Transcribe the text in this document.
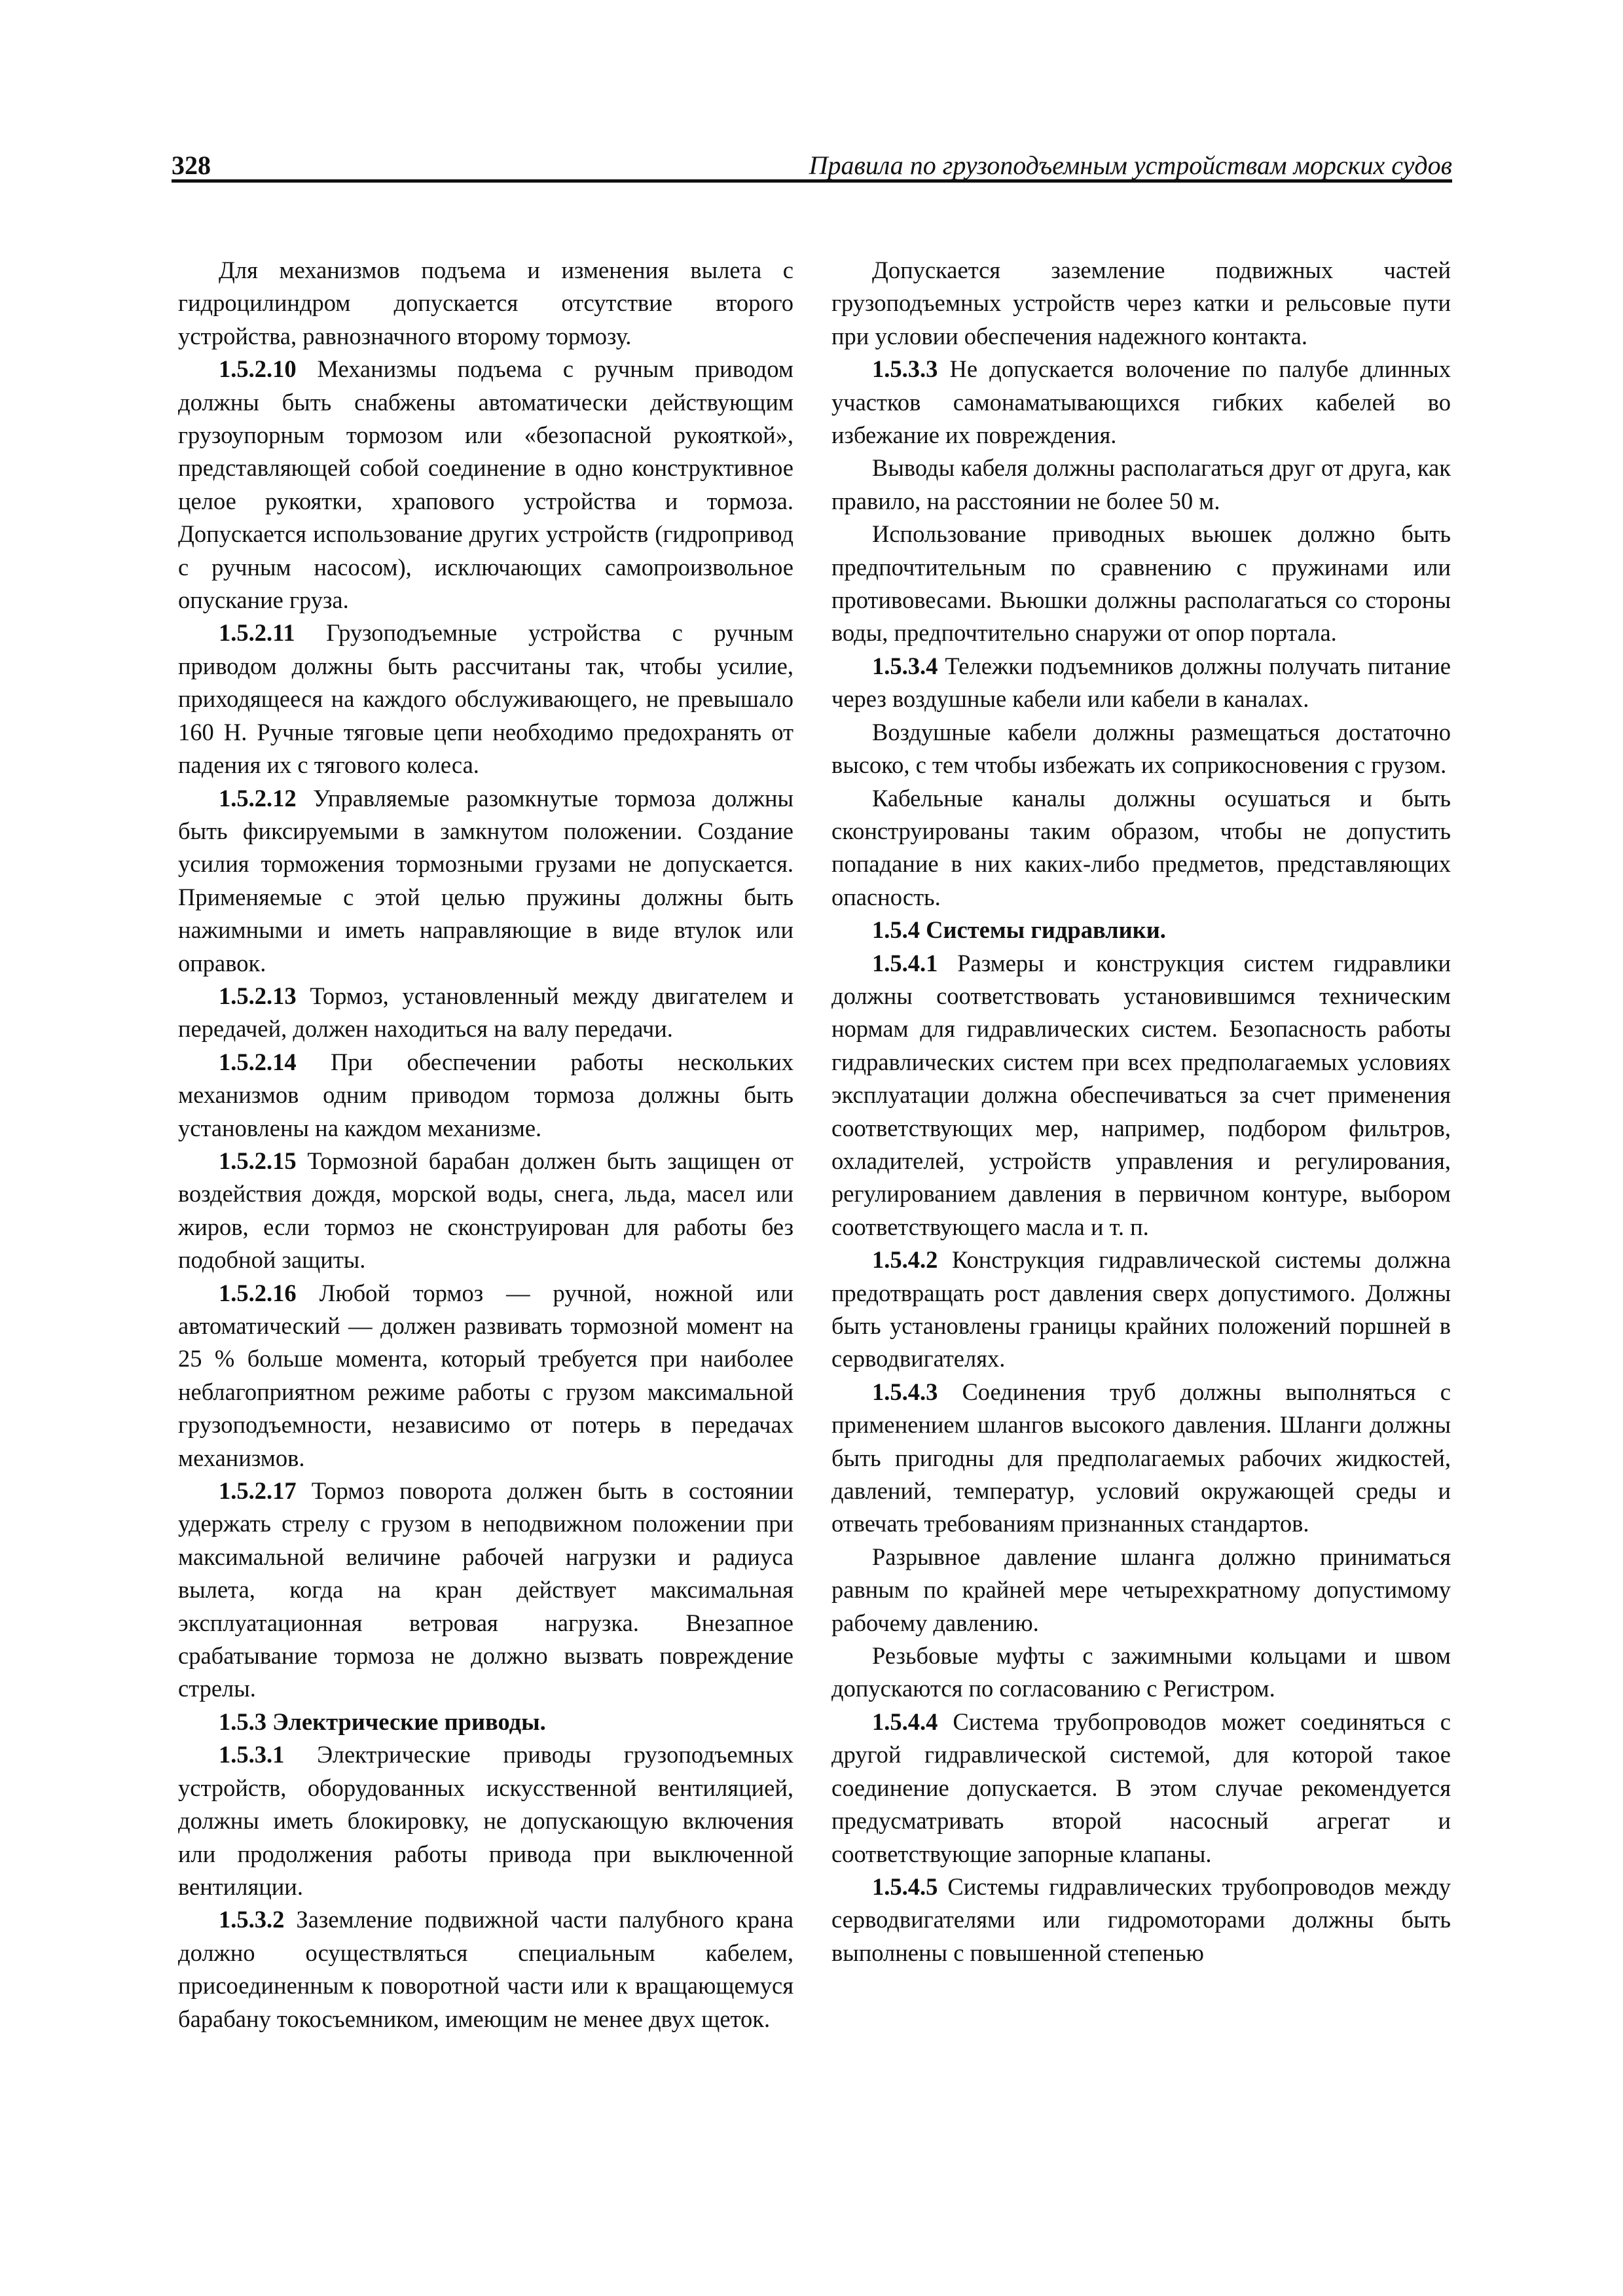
328	Правила по грузоподъемным устройствам морских судов

Для механизмов подъема и изменения вылета с гидроцилиндром допускается отсутствие второго устройства, равнозначного второму тормозу.

1.5.2.10 Механизмы подъема с ручным приводом должны быть снабжены автоматически действующим грузоупорным тормозом или «безопасной рукояткой», представляющей собой соединение в одно конструктивное целое рукоятки, храпового устройства и тормоза. Допускается использование других устройств (гидропривод с ручным насосом), исключающих самопроизвольное опускание груза.

1.5.2.11 Грузоподъемные устройства с ручным приводом должны быть рассчитаны так, чтобы усилие, приходящееся на каждого обслуживающего, не превышало 160 Н. Ручные тяговые цепи необходимо предохранять от падения их с тягового колеса.

1.5.2.12 Управляемые разомкнутые тормоза должны быть фиксируемыми в замкнутом положении. Создание усилия торможения тормозными грузами не допускается. Применяемые с этой целью пружины должны быть нажимными и иметь направляющие в виде втулок или оправок.

1.5.2.13 Тормоз, установленный между двигателем и передачей, должен находиться на валу передачи.

1.5.2.14 При обеспечении работы нескольких механизмов одним приводом тормоза должны быть установлены на каждом механизме.

1.5.2.15 Тормозной барабан должен быть защищен от воздействия дождя, морской воды, снега, льда, масел или жиров, если тормоз не сконструирован для работы без подобной защиты.

1.5.2.16 Любой тормоз — ручной, ножной или автоматический — должен развивать тормозной момент на 25 % больше момента, который требуется при наиболее неблагоприятном режиме работы с грузом максимальной грузоподъемности, независимо от потерь в передачах механизмов.

1.5.2.17 Тормоз поворота должен быть в состоянии удержать стрелу с грузом в неподвижном положении при максимальной величине рабочей нагрузки и радиуса вылета, когда на кран действует максимальная эксплуатационная ветровая нагрузка. Внезапное срабатывание тормоза не должно вызвать повреждение стрелы.

1.5.3 Электрические приводы.

1.5.3.1 Электрические приводы грузоподъемных устройств, оборудованных искусственной вентиляцией, должны иметь блокировку, не допускающую включения или продолжения работы привода при выключенной вентиляции.

1.5.3.2 Заземление подвижной части палубного крана должно осуществляться специальным кабелем, присоединенным к поворотной части или к вращающемуся барабану токосъемником, имеющим не менее двух щеток.

Допускается заземление подвижных частей грузоподъемных устройств через катки и рельсовые пути при условии обеспечения надежного контакта.

1.5.3.3 Не допускается волочение по палубе длинных участков самонаматывающихся гибких кабелей во избежание их повреждения.

Выводы кабеля должны располагаться друг от друга, как правило, на расстоянии не более 50 м.

Использование приводных вьюшек должно быть предпочтительным по сравнению с пружинами или противовесами. Вьюшки должны располагаться со стороны воды, предпочтительно снаружи от опор портала.

1.5.3.4 Тележки подъемников должны получать питание через воздушные кабели или кабели в каналах.

Воздушные кабели должны размещаться достаточно высоко, с тем чтобы избежать их соприкосновения с грузом.

Кабельные каналы должны осушаться и быть сконструированы таким образом, чтобы не допустить попадание в них каких-либо предметов, представляющих опасность.

1.5.4 Системы гидравлики.

1.5.4.1 Размеры и конструкция систем гидравлики должны соответствовать установившимся техническим нормам для гидравлических систем. Безопасность работы гидравлических систем при всех предполагаемых условиях эксплуатации должна обеспечиваться за счет применения соответствующих мер, например, подбором фильтров, охладителей, устройств управления и регулирования, регулированием давления в первичном контуре, выбором соответствующего масла и т. п.

1.5.4.2 Конструкция гидравлической системы должна предотвращать рост давления сверх допустимого. Должны быть установлены границы крайних положений поршней в серводвигателях.

1.5.4.3 Соединения труб должны выполняться с применением шлангов высокого давления. Шланги должны быть пригодны для предполагаемых рабочих жидкостей, давлений, температур, условий окружающей среды и отвечать требованиям признанных стандартов.

Разрывное давление шланга должно приниматься равным по крайней мере четырехкратному допустимому рабочему давлению.

Резьбовые муфты с зажимными кольцами и швом допускаются по согласованию с Регистром.

1.5.4.4 Система трубопроводов может соединяться с другой гидравлической системой, для которой такое соединение допускается. В этом случае рекомендуется предусматривать второй насосный агрегат и соответствующие запорные клапаны.

1.5.4.5 Системы гидравлических трубопроводов между серводвигателями или гидромоторами должны быть выполнены с повышенной степенью
